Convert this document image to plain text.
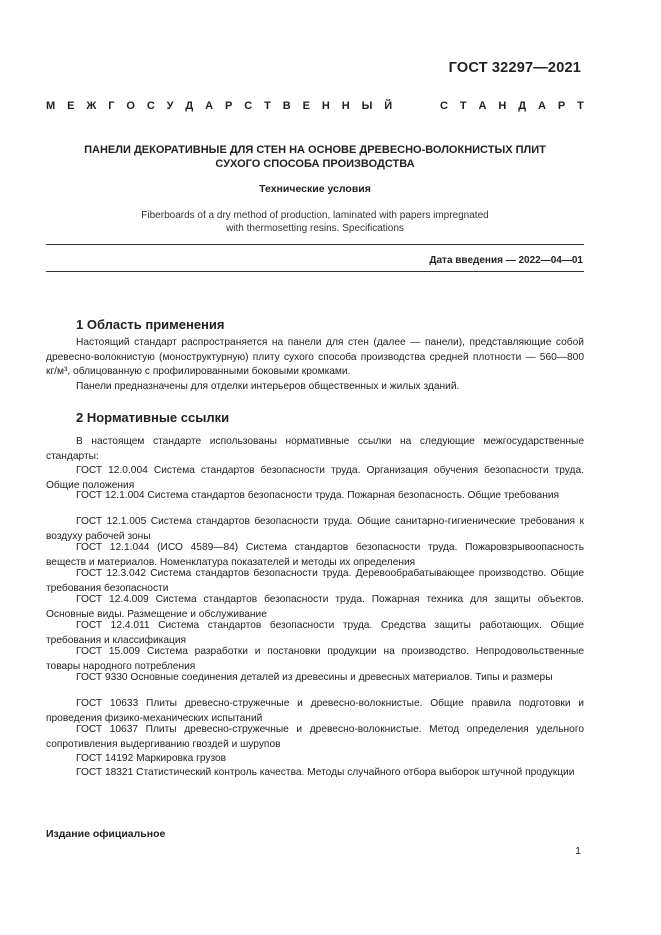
ГОСТ 32297—2021
М Е Ж Г О С У Д А Р С Т В Е Н Н Ы Й	С Т А Н Д А Р Т
ПАНЕЛИ ДЕКОРАТИВНЫЕ ДЛЯ СТЕН НА ОСНОВЕ ДРЕВЕСНО-ВОЛОКНИСТЫХ ПЛИТ
СУХОГО СПОСОБА ПРОИЗВОДСТВА
Технические условия
Fiberboards of a dry method of production, laminated with papers impregnated
with thermosetting resins. Specifications
Дата введения — 2022—04—01
1 Область применения
Настоящий стандарт распространяется на панели для стен (далее — панели), представляющие собой древесно-волокнистую (моноструктурную) плиту сухого способа производства средней плотности — 560—800 кг/м³, облицованную с профилированными боковыми кромками.
Панели предназначены для отделки интерьеров общественных и жилых зданий.
2 Нормативные ссылки
В настоящем стандарте использованы нормативные ссылки на следующие межгосударственные стандарты:
ГОСТ 12.0.004 Система стандартов безопасности труда. Организация обучения безопасности труда. Общие положения
ГОСТ 12.1.004 Система стандартов безопасности труда. Пожарная безопасность. Общие требования
ГОСТ 12.1.005 Система стандартов безопасности труда. Общие санитарно-гигиенические требования к воздуху рабочей зоны
ГОСТ 12.1.044 (ИСО 4589—84) Система стандартов безопасности труда. Пожаровзрывоопасность веществ и материалов. Номенклатура показателей и методы их определения
ГОСТ 12.3.042 Система стандартов безопасности труда. Деревообрабатывающее производство. Общие требования безопасности
ГОСТ 12.4.009 Система стандартов безопасности труда. Пожарная техника для защиты объектов. Основные виды. Размещение и обслуживание
ГОСТ 12.4.011 Система стандартов безопасности труда. Средства защиты работающих. Общие требования и классификация
ГОСТ 15.009 Система разработки и постановки продукции на производство. Непродовольственные товары народного потребления
ГОСТ 9330 Основные соединения деталей из древесины и древесных материалов. Типы и размеры
ГОСТ 10633 Плиты древесно-стружечные и древесно-волокнистые. Общие правила подготовки и проведения физико-механических испытаний
ГОСТ 10637 Плиты древесно-стружечные и древесно-волокнистые. Метод определения удельного сопротивления выдергиванию гвоздей и шурупов
ГОСТ 14192 Маркировка грузов
ГОСТ 18321 Статистический контроль качества. Методы случайного отбора выборок штучной продукции
Издание официальное
1
